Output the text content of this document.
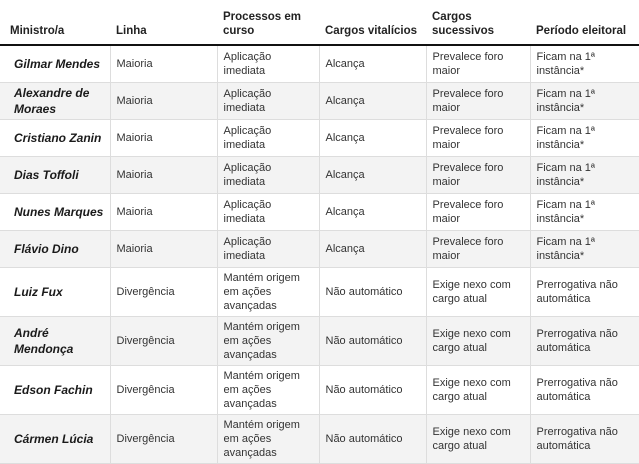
Ministro/a	Linha	Processos em curso	Cargos vitalícios	Cargos sucessivos	Período eleitoral
Gilmar Mendes	Maioria	Aplicação imediata	Alcança	Prevalece foro maior	Ficam na 1ª instância*
Alexandre de Moraes	Maioria	Aplicação imediata	Alcança	Prevalece foro maior	Ficam na 1ª instância*
Cristiano Zanin	Maioria	Aplicação imediata	Alcança	Prevalece foro maior	Ficam na 1ª instância*
Dias Toffoli	Maioria	Aplicação imediata	Alcança	Prevalece foro maior	Ficam na 1ª instância*
Nunes Marques	Maioria	Aplicação imediata	Alcança	Prevalece foro maior	Ficam na 1ª instância*
Flávio Dino	Maioria	Aplicação imediata	Alcança	Prevalece foro maior	Ficam na 1ª instância*
Luiz Fux	Divergência	Mantém origem em ações avançadas	Não automático	Exige nexo com cargo atual	Prerrogativa não automática
André Mendonça	Divergência	Mantém origem em ações avançadas	Não automático	Exige nexo com cargo atual	Prerrogativa não automática
Edson Fachin	Divergência	Mantém origem em ações avançadas	Não automático	Exige nexo com cargo atual	Prerrogativa não automática
Cármen Lúcia	Divergência	Mantém origem em ações avançadas	Não automático	Exige nexo com cargo atual	Prerrogativa não automática
